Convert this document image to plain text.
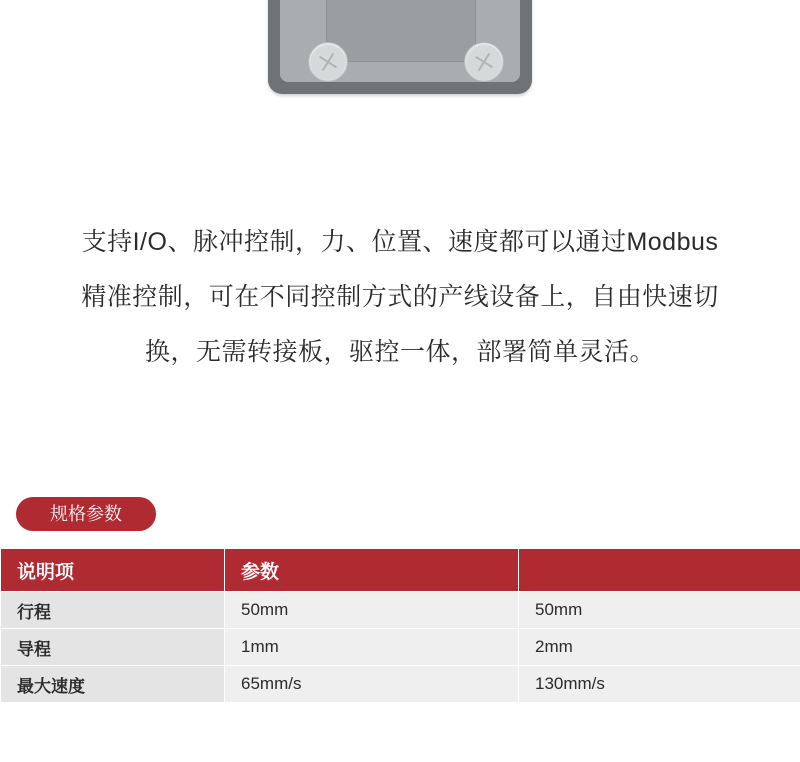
支持I/O、脉冲控制，力、位置、速度都可以通过Modbus精准控制，可在不同控制方式的产线设备上，自由快速切换，无需转接板，驱控一体，部署简单灵活。

规格参数
说明项	参数	
行程	50mm	50mm
导程	1mm	2mm
最大速度	65mm/s	130mm/s
